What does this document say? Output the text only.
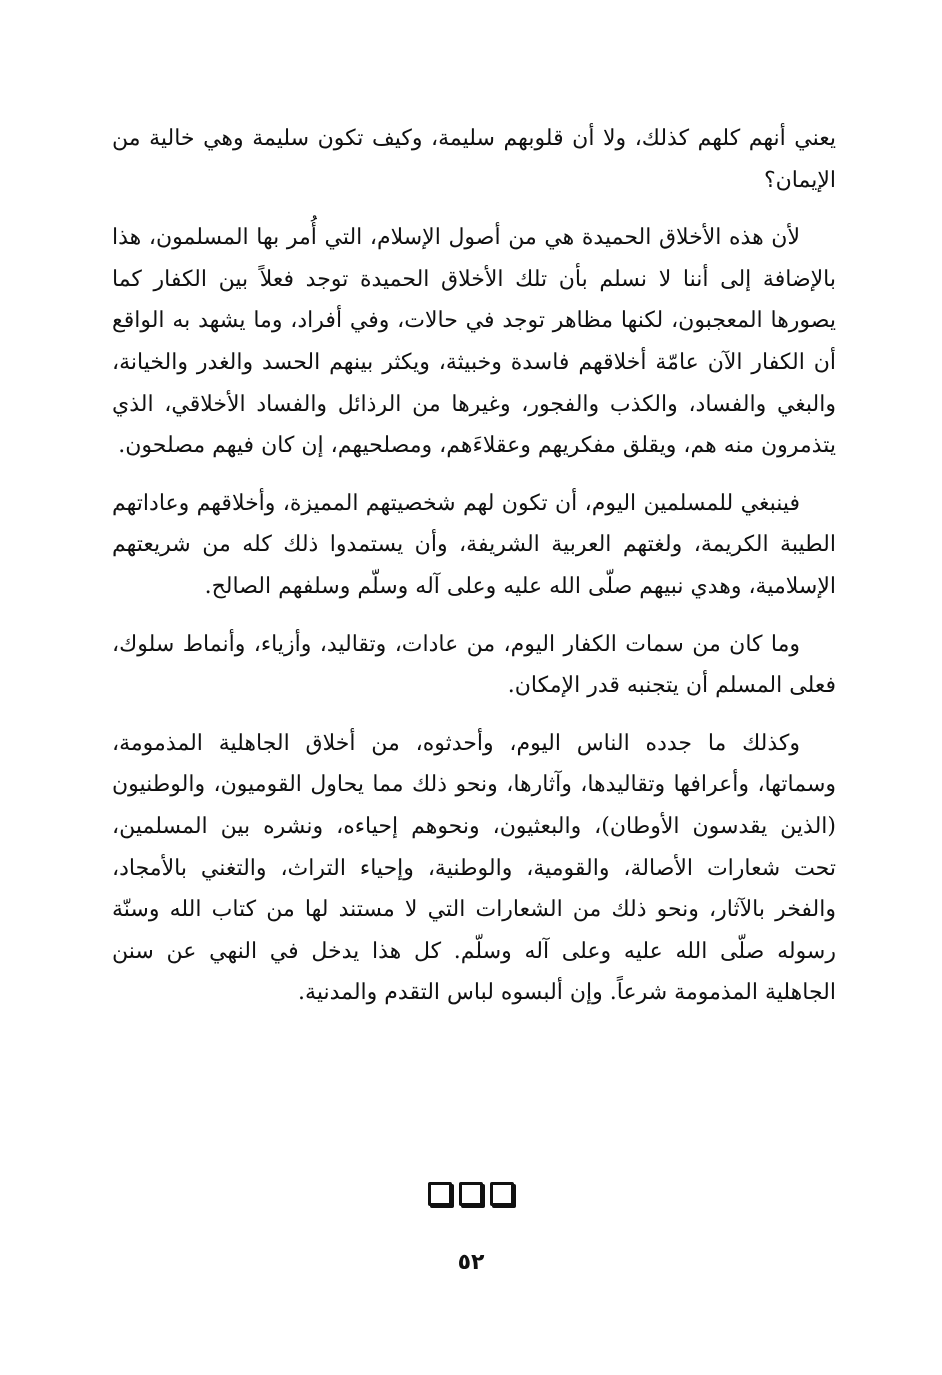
يعني أنهم كلهم كذلك، ولا أن قلوبهم سليمة، وكيف تكون سليمة وهي خالية من الإيمان؟

لأن هذه الأخلاق الحميدة هي من أصول الإسلام، التي أُمر بها المسلمون، هذا بالإضافة إلى أننا لا نسلم بأن تلك الأخلاق الحميدة توجد فعلاً بين الكفار كما يصورها المعجبون، لكنها مظاهر توجد في حالات، وفي أفراد، وما يشهد به الواقع أن الكفار الآن عامّة أخلاقهم فاسدة وخبيثة، ويكثر بينهم الحسد والغدر والخيانة، والبغي والفساد، والكذب والفجور، وغيرها من الرذائل والفساد الأخلاقي، الذي يتذمرون منه هم، ويقلق مفكريهم وعقلاءَهم، ومصلحيهم، إن كان فيهم مصلحون.

فينبغي للمسلمين اليوم، أن تكون لهم شخصيتهم المميزة، وأخلاقهم وعاداتهم الطيبة الكريمة، ولغتهم العربية الشريفة، وأن يستمدوا ذلك كله من شريعتهم الإسلامية، وهدي نبيهم صلّى الله عليه وعلى آله وسلّم وسلفهم الصالح.

وما كان من سمات الكفار اليوم، من عادات، وتقاليد، وأزياء، وأنماط سلوك، فعلى المسلم أن يتجنبه قدر الإمكان.

وكذلك ما جدده الناس اليوم، وأحدثوه، من أخلاق الجاهلية المذمومة، وسماتها، وأعرافها وتقاليدها، وآثارها، ونحو ذلك مما يحاول القوميون، والوطنيون (الذين يقدسون الأوطان)، والبعثيون، ونحوهم إحياءه، ونشره بين المسلمين، تحت شعارات الأصالة، والقومية، والوطنية، وإحياء التراث، والتغني بالأمجاد، والفخر بالآثار، ونحو ذلك من الشعارات التي لا مستند لها من كتاب الله وسنّة رسوله صلّى الله عليه وعلى آله وسلّم. كل هذا يدخل في النهي عن سنن الجاهلية المذمومة شرعاً. وإن ألبسوه لباس التقدم والمدنية.

٥٢
